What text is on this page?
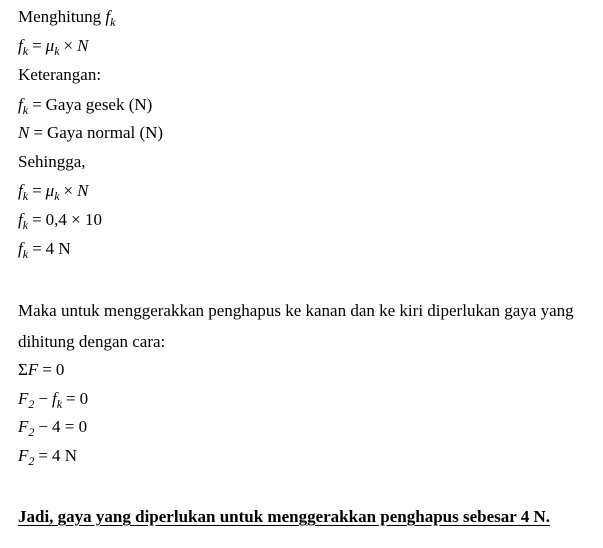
Menghitung $f_k$
$f_k = \mu_k \times N$
Keterangan:
$f_k$ = Gaya gesek (N)
N = Gaya normal (N)
Sehingga,
$f_k = \mu_k \times N$
$f_k = 0,4 \times 10$
$f_k = 4$ N
Maka untuk menggerakkan penghapus ke kanan dan ke kiri diperlukan gaya yang
dihitung dengan cara:
ΣF = 0
$F_2 - f_k = 0$
$F_2 - 4 = 0$
$F_2 = 4$ N
Jadi, gaya yang diperlukan untuk menggerakkan penghapus sebesar 4 N.
